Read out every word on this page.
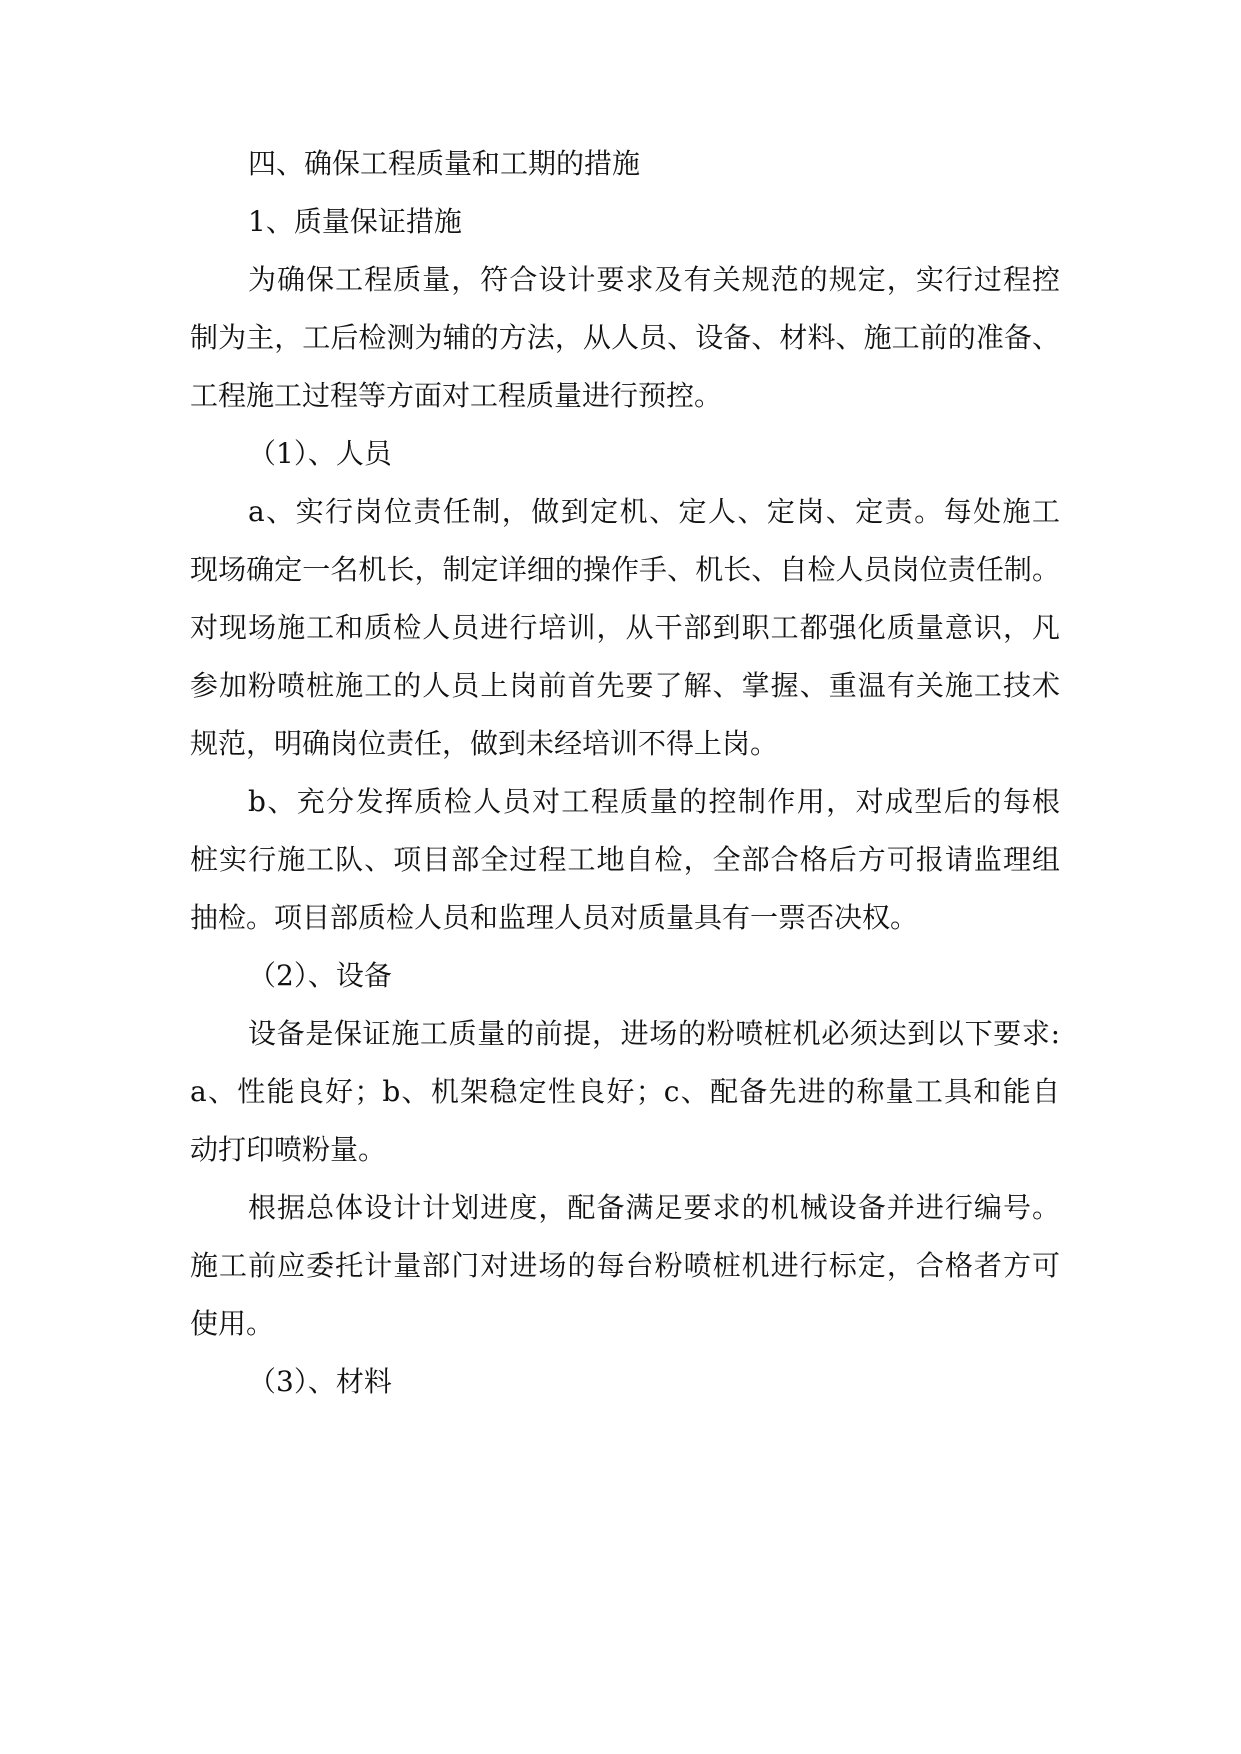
四、确保工程质量和工期的措施
1、质量保证措施
为确保工程质量，符合设计要求及有关规范的规定，实行过程控
制为主，工后检测为辅的方法，从人员、设备、材料、施工前的准备、
工程施工过程等方面对工程质量进行预控。
（1）、人员
a、实行岗位责任制，做到定机、定人、定岗、定责。每处施工
现场确定一名机长，制定详细的操作手、机长、自检人员岗位责任制。
对现场施工和质检人员进行培训，从干部到职工都强化质量意识，凡
参加粉喷桩施工的人员上岗前首先要了解、掌握、重温有关施工技术
规范，明确岗位责任，做到未经培训不得上岗。
b、充分发挥质检人员对工程质量的控制作用，对成型后的每根
桩实行施工队、项目部全过程工地自检，全部合格后方可报请监理组
抽检。项目部质检人员和监理人员对质量具有一票否决权。
（2）、设备
设备是保证施工质量的前提，进场的粉喷桩机必须达到以下要求:
a、性能良好；b、机架稳定性良好；c、配备先进的称量工具和能自
动打印喷粉量。
根据总体设计计划进度，配备满足要求的机械设备并进行编号。
施工前应委托计量部门对进场的每台粉喷桩机进行标定，合格者方可
使用。
（3）、材料
